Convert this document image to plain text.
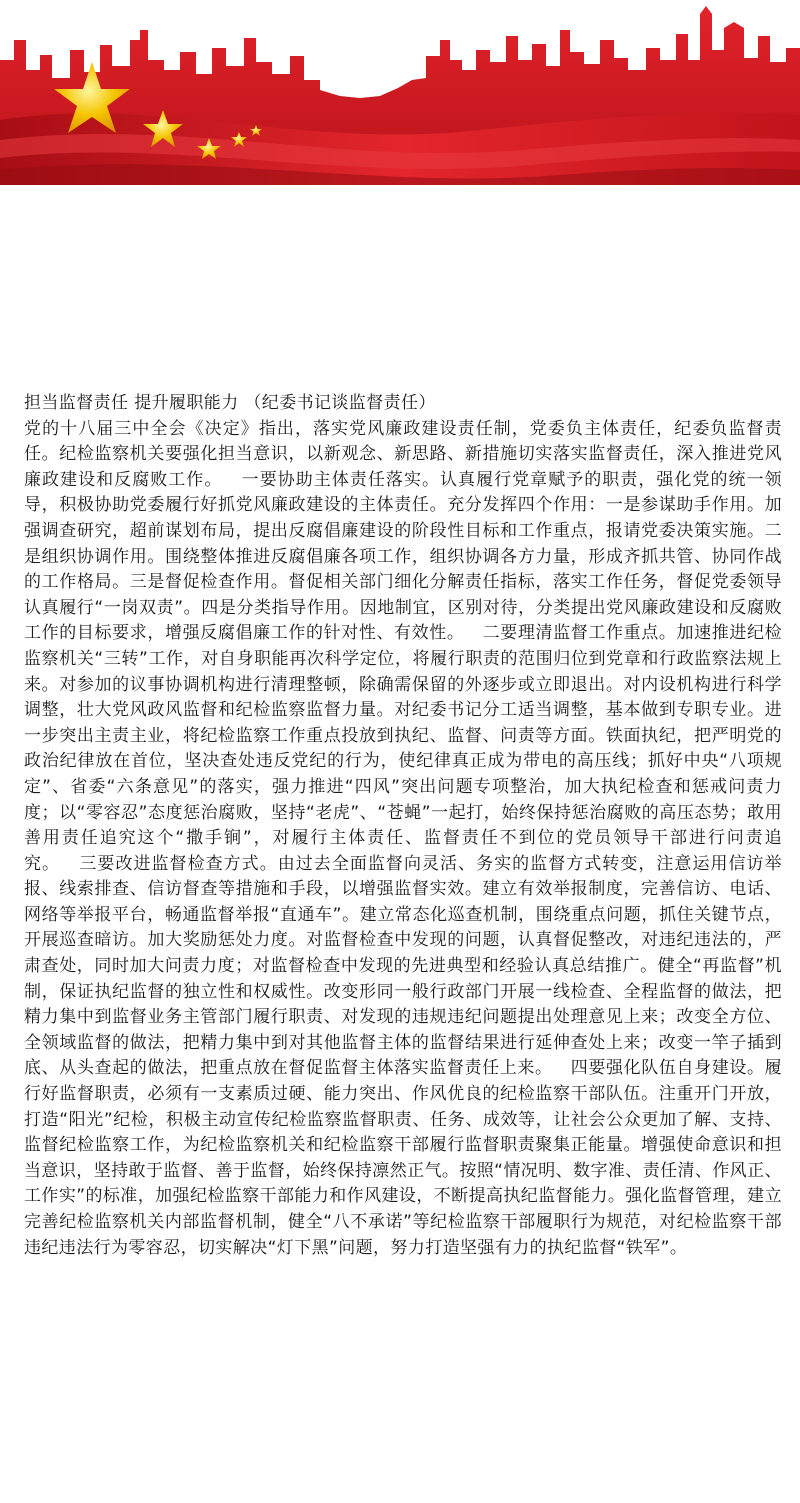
担当监督责任 提升履职能力 （纪委书记谈监督责任）

党的十八届三中全会《决定》指出，落实党风廉政建设责任制，党委负主体责任，纪委负监督责任。纪检监察机关要强化担当意识，以新观念、新思路、新措施切实落实监督责任，深入推进党风廉政建设和反腐败工作。 一要协助主体责任落实。认真履行党章赋予的职责，强化党的统一领导，积极协助党委履行好抓党风廉政建设的主体责任。充分发挥四个作用：一是参谋助手作用。加强调查研究，超前谋划布局，提出反腐倡廉建设的阶段性目标和工作重点，报请党委决策实施。二是组织协调作用。围绕整体推进反腐倡廉各项工作，组织协调各方力量，形成齐抓共管、协同作战的工作格局。三是督促检查作用。督促相关部门细化分解责任指标，落实工作任务，督促党委领导认真履行“一岗双责”。四是分类指导作用。因地制宜，区别对待，分类提出党风廉政建设和反腐败工作的目标要求，增强反腐倡廉工作的针对性、有效性。 二要理清监督工作重点。加速推进纪检监察机关“三转”工作，对自身职能再次科学定位，将履行职责的范围归位到党章和行政监察法规上来。对参加的议事协调机构进行清理整顿，除确需保留的外逐步或立即退出。对内设机构进行科学调整，壮大党风政风监督和纪检监察监督力量。对纪委书记分工适当调整，基本做到专职专业。进一步突出主责主业，将纪检监察工作重点投放到执纪、监督、问责等方面。铁面执纪，把严明党的政治纪律放在首位，坚决查处违反党纪的行为，使纪律真正成为带电的高压线；抓好中央“八项规定”、省委“六条意见”的落实，强力推进“四风”突出问题专项整治，加大执纪检查和惩戒问责力度；以“零容忍”态度惩治腐败，坚持“老虎”、“苍蝇”一起打，始终保持惩治腐败的高压态势；敢用善用责任追究这个“撒手锏”，对履行主体责任、监督责任不到位的党员领导干部进行问责追究。 三要改进监督检查方式。由过去全面监督向灵活、务实的监督方式转变，注意运用信访举报、线索排查、信访督查等措施和手段，以增强监督实效。建立有效举报制度，完善信访、电话、网络等举报平台，畅通监督举报“直通车”。建立常态化巡查机制，围绕重点问题，抓住关键节点，开展巡查暗访。加大奖励惩处力度。对监督检查中发现的问题，认真督促整改，对违纪违法的，严肃查处，同时加大问责力度；对监督检查中发现的先进典型和经验认真总结推广。健全“再监督”机制，保证执纪监督的独立性和权威性。改变形同一般行政部门开展一线检查、全程监督的做法，把精力集中到监督业务主管部门履行职责、对发现的违规违纪问题提出处理意见上来；改变全方位、全领域监督的做法，把精力集中到对其他监督主体的监督结果进行延伸查处上来；改变一竿子插到底、从头查起的做法，把重点放在督促监督主体落实监督责任上来。 四要强化队伍自身建设。履行好监督职责，必须有一支素质过硬、能力突出、作风优良的纪检监察干部队伍。注重开门开放，打造“阳光”纪检，积极主动宣传纪检监察监督职责、任务、成效等，让社会公众更加了解、支持、监督纪检监察工作，为纪检监察机关和纪检监察干部履行监督职责聚集正能量。增强使命意识和担当意识，坚持敢于监督、善于监督，始终保持凛然正气。按照“情况明、数字准、责任清、作风正、工作实”的标准，加强纪检监察干部能力和作风建设，不断提高执纪监督能力。强化监督管理，建立完善纪检监察机关内部监督机制，健全“八不承诺”等纪检监察干部履职行为规范，对纪检监察干部违纪违法行为零容忍，切实解决“灯下黑”问题，努力打造坚强有力的执纪监督“铁军”。
